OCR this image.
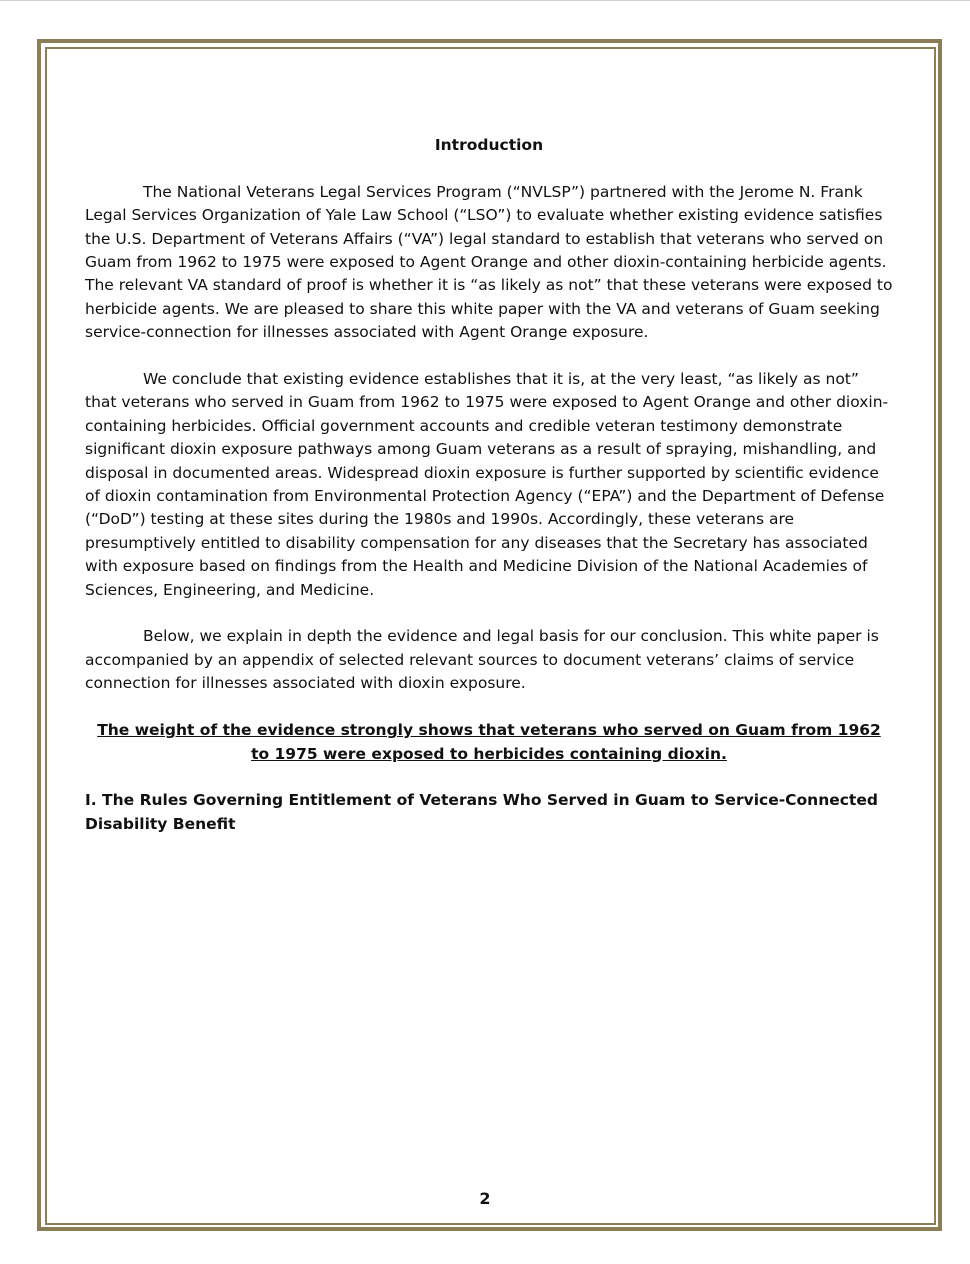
Introduction

The National Veterans Legal Services Program (“NVLSP”) partnered with the Jerome N. Frank Legal Services Organization of Yale Law School (“LSO”) to evaluate whether existing evidence satisfies the U.S. Department of Veterans Affairs (“VA”) legal standard to establish that veterans who served on Guam from 1962 to 1975 were exposed to Agent Orange and other dioxin-containing herbicide agents. The relevant VA standard of proof is whether it is “as likely as not” that these veterans were exposed to herbicide agents. We are pleased to share this white paper with the VA and veterans of Guam seeking service-connection for illnesses associated with Agent Orange exposure.

We conclude that existing evidence establishes that it is, at the very least, “as likely as not” that veterans who served in Guam from 1962 to 1975 were exposed to Agent Orange and other dioxin-containing herbicides. Official government accounts and credible veteran testimony demonstrate significant dioxin exposure pathways among Guam veterans as a result of spraying, mishandling, and disposal in documented areas. Widespread dioxin exposure is further supported by scientific evidence of dioxin contamination from Environmental Protection Agency (“EPA”) and the Department of Defense (“DoD”) testing at these sites during the 1980s and 1990s. Accordingly, these veterans are presumptively entitled to disability compensation for any diseases that the Secretary has associated with exposure based on findings from the Health and Medicine Division of the National Academies of Sciences, Engineering, and Medicine.

Below, we explain in depth the evidence and legal basis for our conclusion. This white paper is accompanied by an appendix of selected relevant sources to document veterans’ claims of service connection for illnesses associated with dioxin exposure.

The weight of the evidence strongly shows that veterans who served on Guam from 1962 to 1975 were exposed to herbicides containing dioxin.

I. The Rules Governing Entitlement of Veterans Who Served in Guam to Service-Connected Disability Benefit

2
